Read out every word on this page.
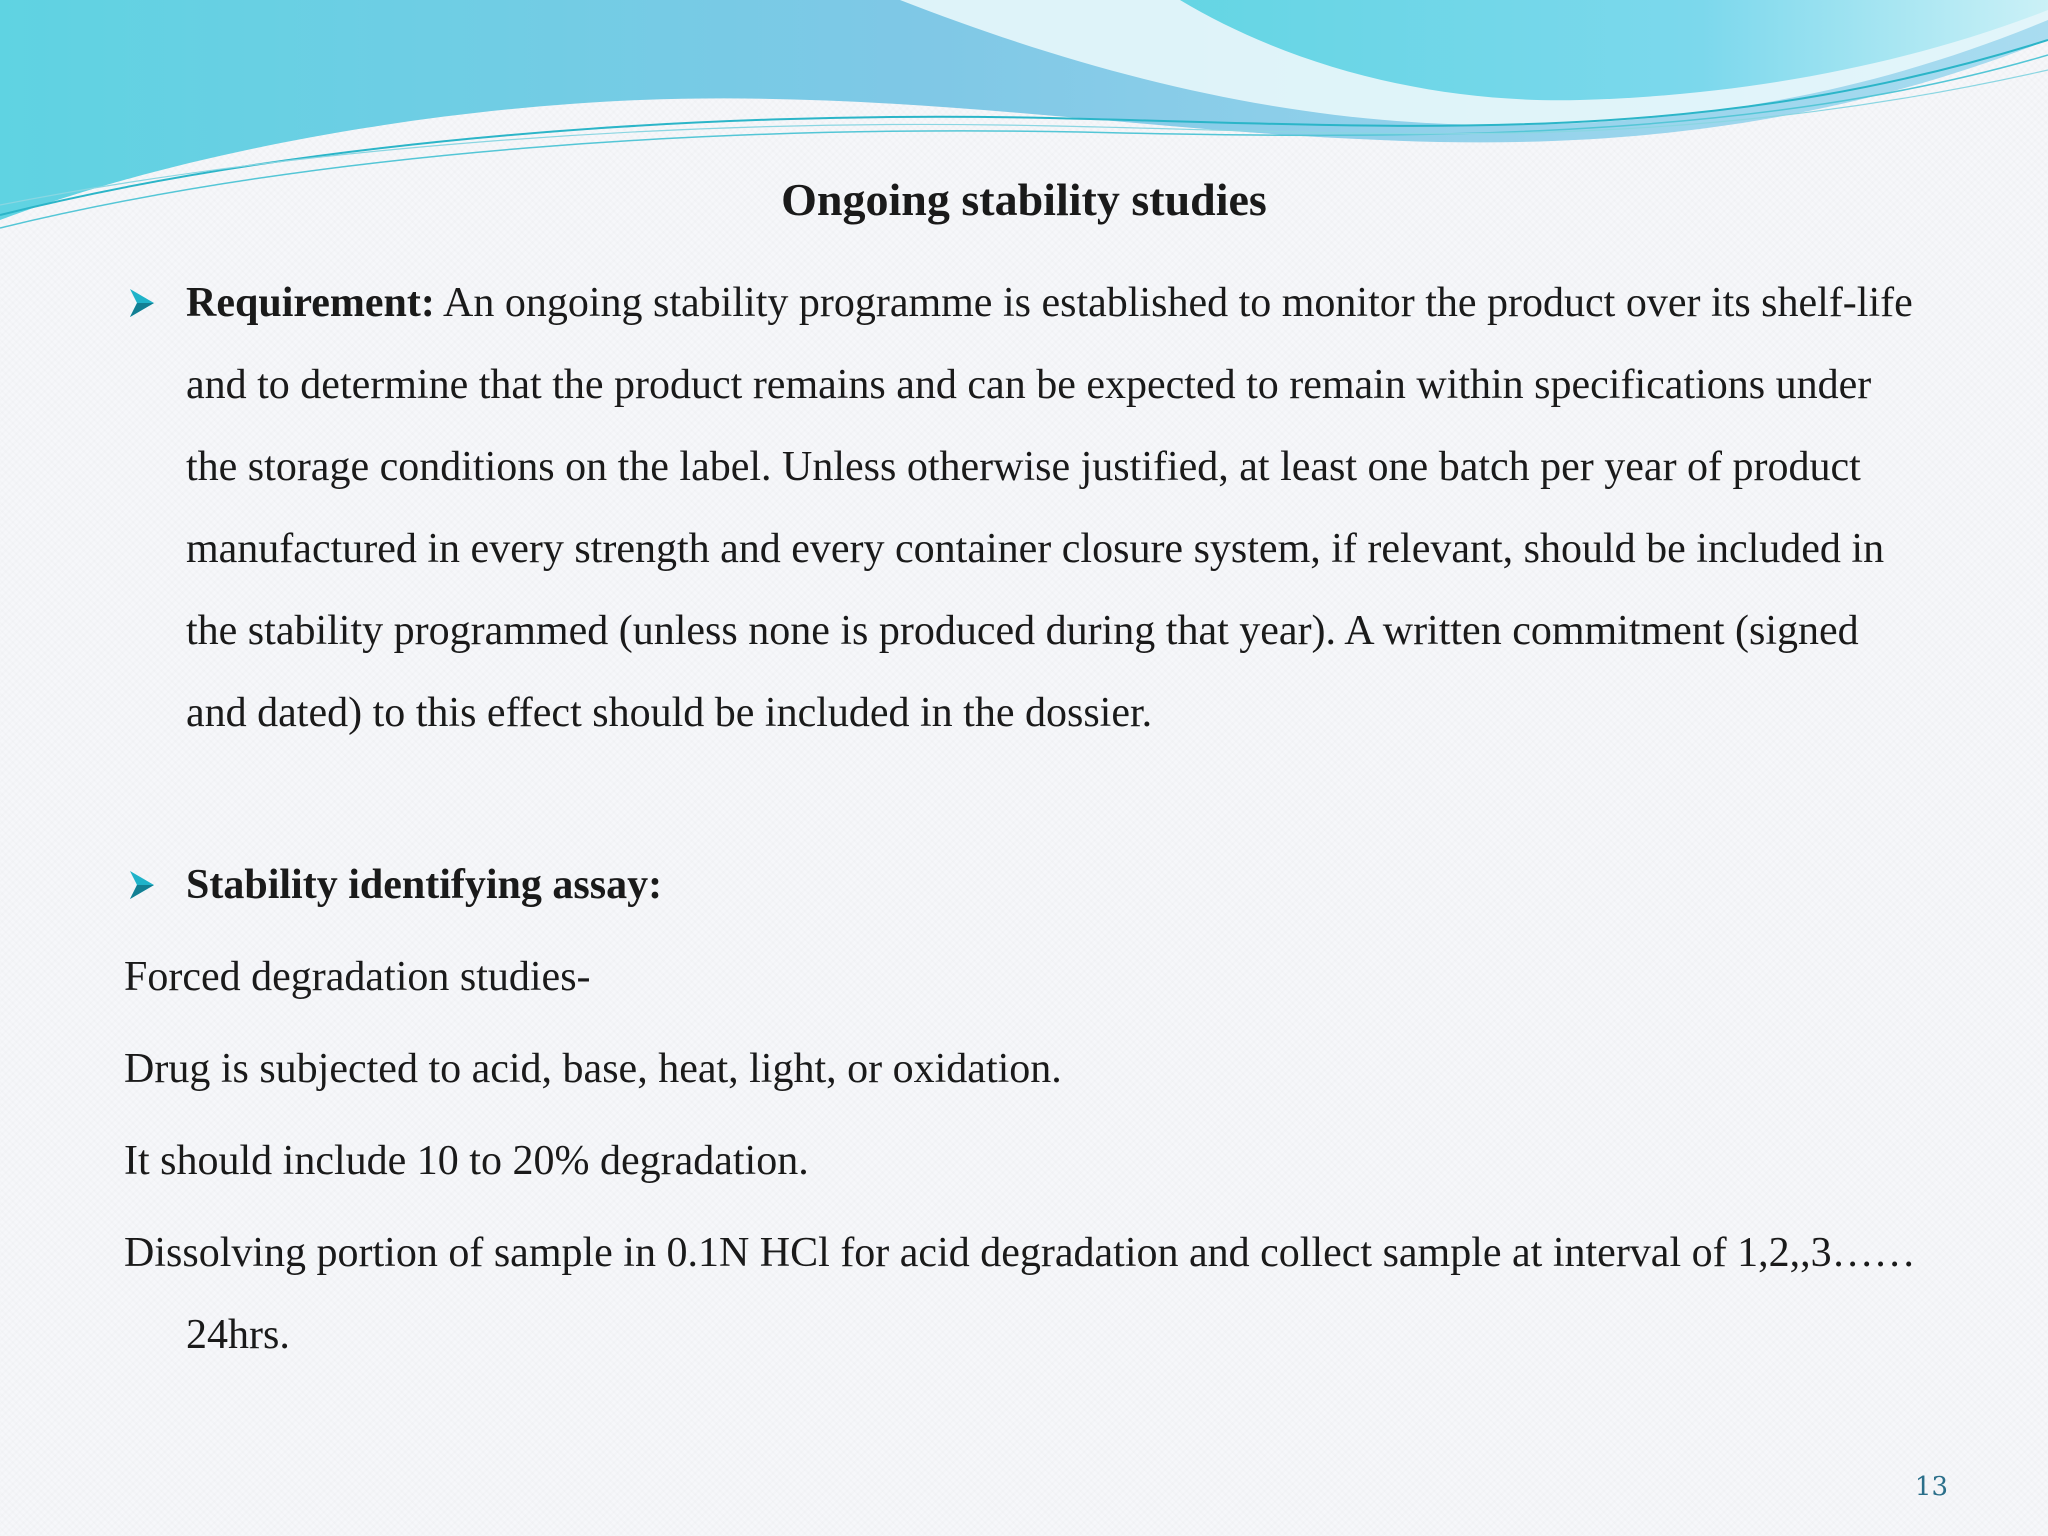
Ongoing stability studies
Requirement: An ongoing stability programme is established to monitor the product over its shelf-life and to determine that the product remains and can be expected to remain within specifications under the storage conditions on the label. Unless otherwise justified, at least one batch per year of product manufactured in every strength and every container closure system, if relevant, should be included in the stability programmed (unless none is produced during that year). A written commitment (signed and dated) to this effect should be included in the dossier.
Stability identifying assay:
Forced degradation studies-
Drug is subjected to acid, base, heat, light, or oxidation.
It should include 10 to 20% degradation.
Dissolving portion of sample in 0.1N HCl for acid degradation and collect sample at interval of 1,2,,3……24hrs.
13
